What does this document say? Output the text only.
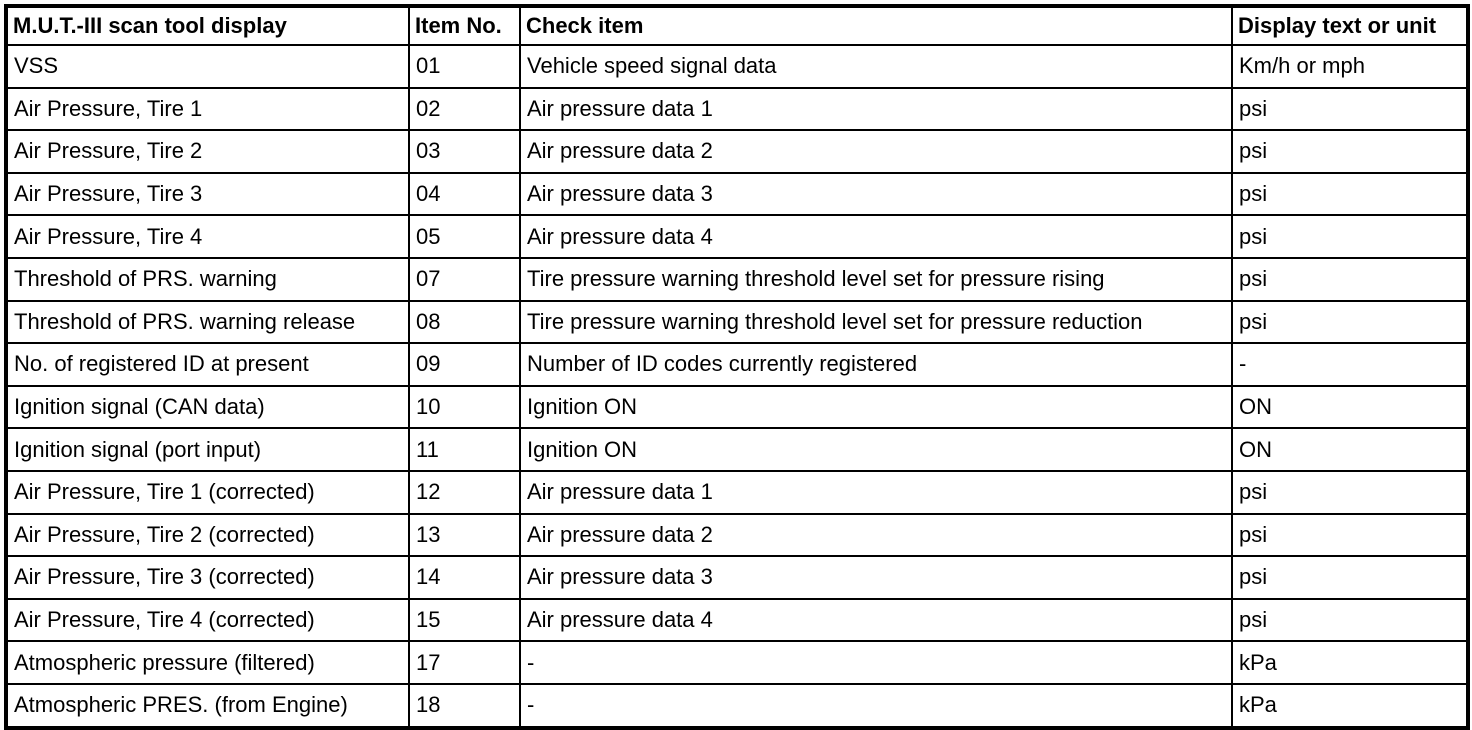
M.U.T.-III scan tool display	Item No.	Check item	Display text or unit
VSS	01	Vehicle speed signal data	Km/h or mph
Air Pressure, Tire 1	02	Air pressure data 1	psi
Air Pressure, Tire 2	03	Air pressure data 2	psi
Air Pressure, Tire 3	04	Air pressure data 3	psi
Air Pressure, Tire 4	05	Air pressure data 4	psi
Threshold of PRS. warning	07	Tire pressure warning threshold level set for pressure rising	psi
Threshold of PRS. warning release	08	Tire pressure warning threshold level set for pressure reduction	psi
No. of registered ID at present	09	Number of ID codes currently registered	-
Ignition signal (CAN data)	10	Ignition ON	ON
Ignition signal (port input)	11	Ignition ON	ON
Air Pressure, Tire 1 (corrected)	12	Air pressure data 1	psi
Air Pressure, Tire 2 (corrected)	13	Air pressure data 2	psi
Air Pressure, Tire 3 (corrected)	14	Air pressure data 3	psi
Air Pressure, Tire 4 (corrected)	15	Air pressure data 4	psi
Atmospheric pressure (filtered)	17	-	kPa
Atmospheric PRES. (from Engine)	18	-	kPa
